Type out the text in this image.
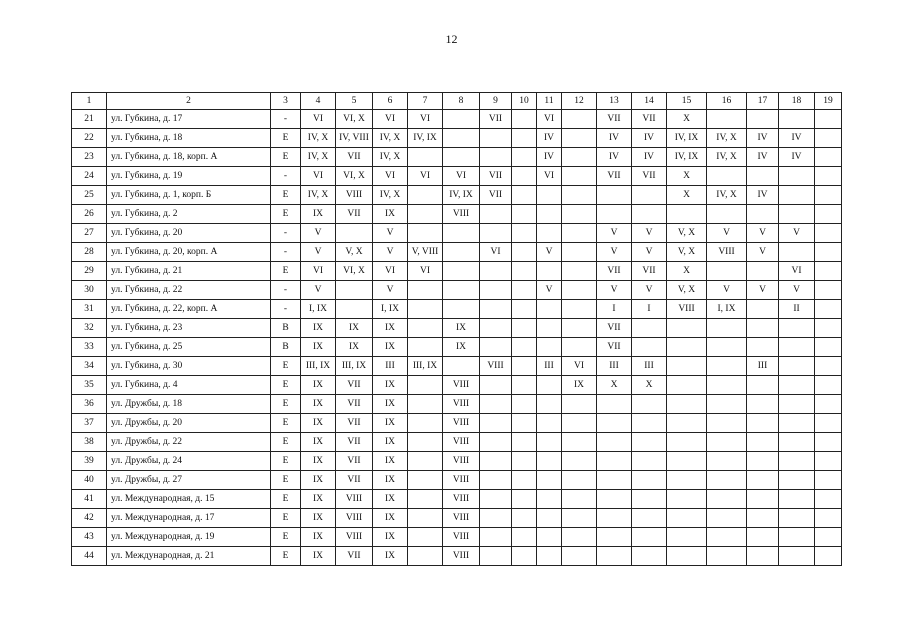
12
1	2	3	4	5	6	7	8	9	10	11	12	13	14	15	16	17	18	19
21	ул. Губкина, д. 17	-	VI	VI, X	VI	VI		VII		VI		VII	VII	X				
22	ул. Губкина, д. 18	E	IV, X	IV, VIII	IV, X	IV, IX				IV		IV	IV	IV, IX	IV, X	IV	IV	
23	ул. Губкина, д. 18, корп. А	E	IV, X	VII	IV, X					IV		IV	IV	IV, IX	IV, X	IV	IV	
24	ул. Губкина, д. 19	-	VI	VI, X	VI	VI	VI	VII		VI		VII	VII	X				
25	ул. Губкина, д. 1, корп. Б	E	IV, X	VIII	IV, X		IV, IX	VII						X	IV, X	IV		
26	ул. Губкина, д. 2	E	IX	VII	IX		VIII											
27	ул. Губкина, д. 20	-	V		V							V	V	V, X	V	V	V	
28	ул. Губкина, д. 20, корп. А	-	V	V, X	V	V, VIII		VI		V		V	V	V, X	VIII	V		
29	ул. Губкина, д. 21	E	VI	VI, X	VI	VI						VII	VII	X			VI	
30	ул. Губкина, д. 22	-	V		V					V		V	V	V, X	V	V	V	
31	ул. Губкина, д. 22, корп. А	-	I, IX		I, IX							I	I	VIII	I, IX		II	
32	ул. Губкина, д. 23	B	IX	IX	IX		IX					VII						
33	ул. Губкина, д. 25	B	IX	IX	IX		IX					VII						
34	ул. Губкина, д. 30	E	III, IX	III, IX	III	III, IX		VIII		III	VI	III	III			III		
35	ул. Губкина, д. 4	E	IX	VII	IX		VIII				IX	X	X					
36	ул. Дружбы, д. 18	E	IX	VII	IX		VIII											
37	ул. Дружбы, д. 20	E	IX	VII	IX		VIII											
38	ул. Дружбы, д. 22	E	IX	VII	IX		VIII											
39	ул. Дружбы, д. 24	E	IX	VII	IX		VIII											
40	ул. Дружбы, д. 27	E	IX	VII	IX		VIII											
41	ул. Международная, д. 15	E	IX	VIII	IX		VIII											
42	ул. Международная, д. 17	E	IX	VIII	IX		VIII											
43	ул. Международная, д. 19	E	IX	VIII	IX		VIII											
44	ул. Международная, д. 21	E	IX	VII	IX		VIII											
